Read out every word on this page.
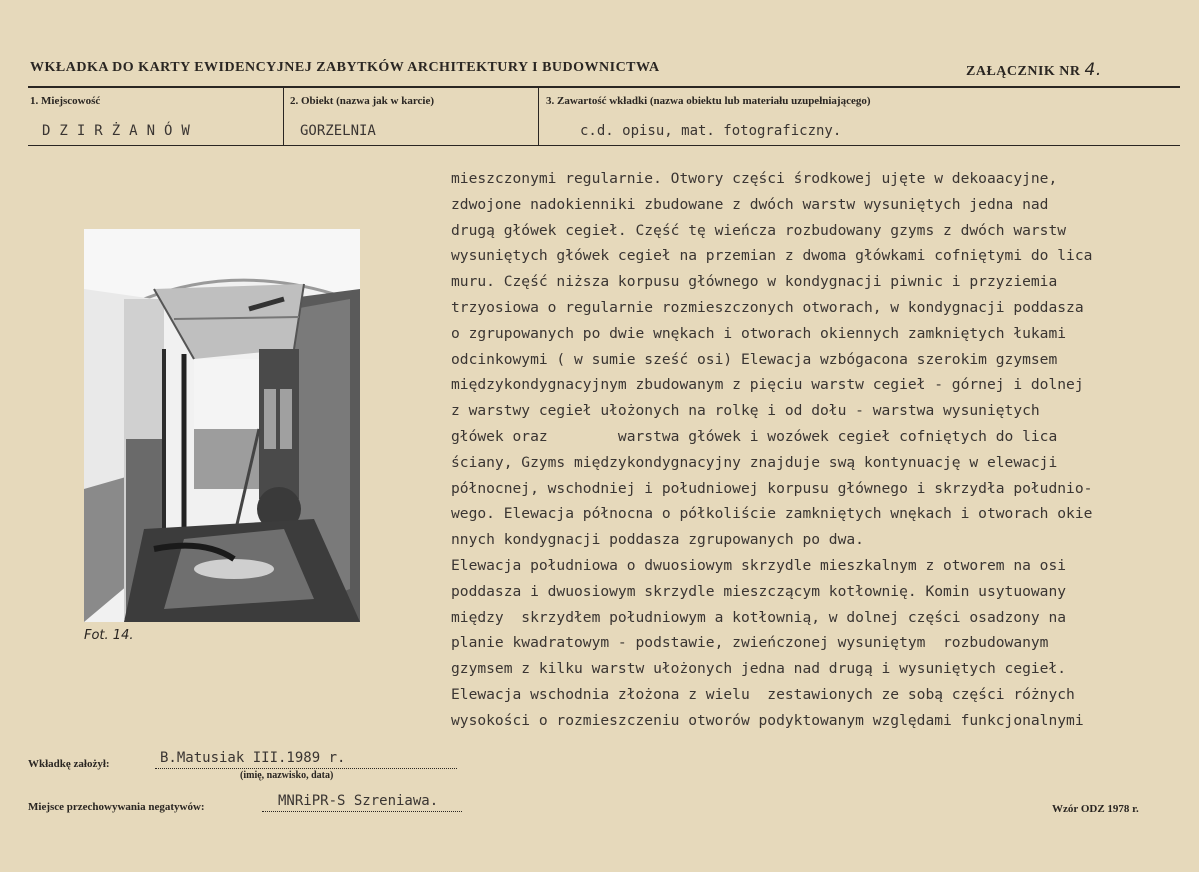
WKŁADKA DO KARTY EWIDENCYJNEJ ZABYTKÓW ARCHITEKTURY I BUDOWNICTWA	ZAŁĄCZNIK NR 4.
1. Miejscowość
DZIRŻANÓW
2. Obiekt (nazwa jak w karcie)
GORZELNIA
3. Zawartość wkładki (nazwa obiektu lub materiału uzupełniającego)
c.d. opisu, mat. fotograficzny.
Fot. 14.
mieszczonymi regularnie. Otwory części środkowej ujęte w dekoaacyjne,
zdwojone nadokienniki zbudowane z dwóch warstw wysuniętych jedna nad
drugą główek cegieł. Część tę wieńcza rozbudowany gzyms z dwóch warstw
wysuniętych główek cegieł na przemian z dwoma główkami cofniętymi do lica
muru. Część niższa korpusu głównego w kondygnacji piwnic i przyziemia
trzyosiowa o regularnie rozmieszczonych otworach, w kondygnacji poddasza
o zgrupowanych po dwie wnękach i otworach okiennych zamkniętych łukami
odcinkowymi ( w sumie sześć osi) Elewacja wzbógacona szerokim gzymsem
międzykondygnacyjnym zbudowanym z pięciu warstw cegieł - górnej i dolnej
z warstwy cegieł ułożonych na rolkę i od dołu - warstwa wysuniętych
główek oraz        warstwa główek i wozówek cegieł cofniętych do lica
ściany, Gzyms międzykondygnacyjny znajduje swą kontynuację w elewacji
północnej, wschodniej i południowej korpusu głównego i skrzydła południo-
wego. Elewacja północna o półkoliście zamkniętych wnękach i otworach okie
nnych kondygnacji poddasza zgrupowanych po dwa.
Elewacja południowa o dwuosiowym skrzydle mieszkalnym z otworem na osi
poddasza i dwuosiowym skrzydle mieszczącym kotłownię. Komin usytuowany
między  skrzydłem południowym a kotłownią, w dolnej części osadzony na
planie kwadratowym - podstawie, zwieńczonej wysuniętym  rozbudowanym
gzymsem z kilku warstw ułożonych jedna nad drugą i wysuniętych cegieł.
Elewacja wschodnia złożona z wielu  zestawionych ze sobą części różnych
wysokości o rozmieszczeniu otworów podyktowanym względami funkcjonalnymi
Wkładkę założył:	B.Matusiak III.1989 r.
(imię, nazwisko, data)
Miejsce przechowywania negatywów:	MNRiPR-S Szreniawa.	Wzór ODZ 1978 r.
